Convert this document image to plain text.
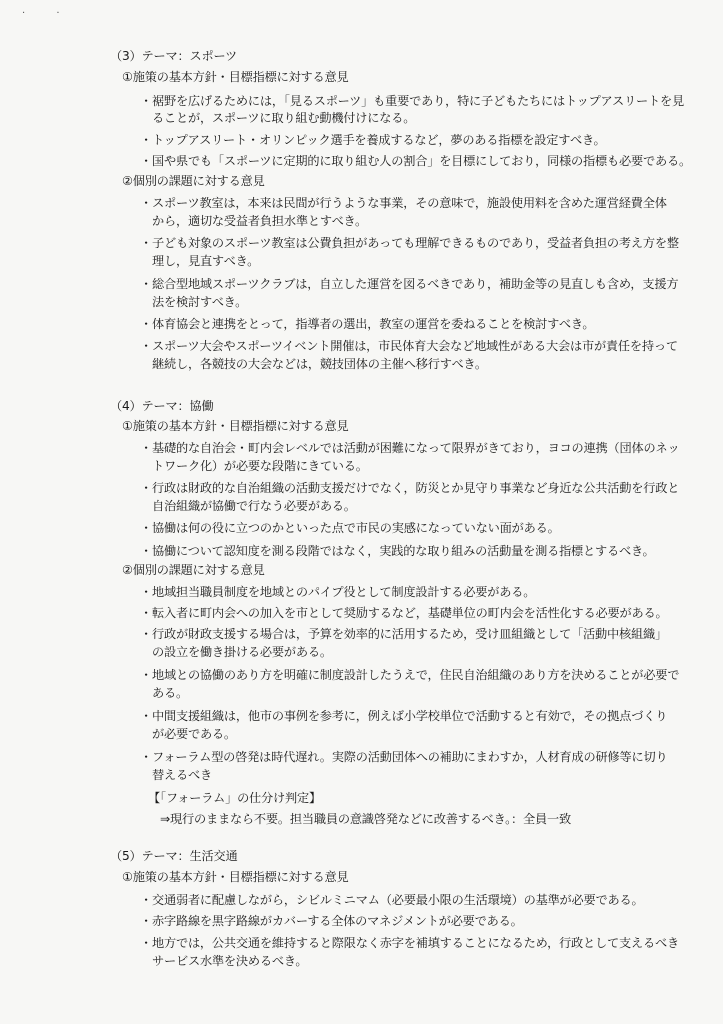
· ·
（3）テーマ：スポーツ
①施策の基本方針・目標指標に対する意見
・裾野を広げるためには，「見るスポーツ」も重要であり，特に子どもたちにはトップアスリートを見
ることが，スポーツに取り組む動機付けになる。
・トップアスリート・オリンピック選手を養成するなど，夢のある指標を設定すべき。
・国や県でも「スポーツに定期的に取り組む人の割合」を目標にしており，同様の指標も必要である。
②個別の課題に対する意見
・スポーツ教室は，本来は民間が行うような事業，その意味で，施設使用料を含めた運営経費全体
から，適切な受益者負担水準とすべき。
・子ども対象のスポーツ教室は公費負担があっても理解できるものであり，受益者負担の考え方を整
理し，見直すべき。
・総合型地域スポーツクラブは，自立した運営を図るべきであり，補助金等の見直しも含め，支援方
法を検討すべき。
・体育協会と連携をとって，指導者の選出，教室の運営を委ねることを検討すべき。
・スポーツ大会やスポーツイベント開催は，市民体育大会など地域性がある大会は市が責任を持って
継続し，各競技の大会などは，競技団体の主催へ移行すべき。
（4）テーマ：協働
①施策の基本方針・目標指標に対する意見
・基礎的な自治会・町内会レベルでは活動が困難になって限界がきており，ヨコの連携（団体のネッ
トワーク化）が必要な段階にきている。
・行政は財政的な自治組織の活動支援だけでなく，防災とか見守り事業など身近な公共活動を行政と
自治組織が協働で行なう必要がある。
・協働は何の役に立つのかといった点で市民の実感になっていない面がある。
・協働について認知度を測る段階ではなく，実践的な取り組みの活動量を測る指標とするべき。
②個別の課題に対する意見
・地域担当職員制度を地域とのパイプ役として制度設計する必要がある。
・転入者に町内会への加入を市として奨励するなど，基礎単位の町内会を活性化する必要がある。
・行政が財政支援する場合は，予算を効率的に活用するため，受け皿組織として「活動中核組織」
の設立を働き掛ける必要がある。
・地域との協働のあり方を明確に制度設計したうえで，住民自治組織のあり方を決めることが必要で
ある。
・中間支援組織は，他市の事例を参考に，例えば小学校単位で活動すると有効で，その拠点づくり
が必要である。
・フォーラム型の啓発は時代遅れ。実際の活動団体への補助にまわすか，人材育成の研修等に切り
替えるべき
【「フォーラム」の仕分け判定】
⇒現行のままなら不要。担当職員の意識啓発などに改善するべき。：全員一致
（5）テーマ：生活交通
①施策の基本方針・目標指標に対する意見
・交通弱者に配慮しながら，シビルミニマム（必要最小限の生活環境）の基準が必要である。
・赤字路線を黒字路線がカバーする全体のマネジメントが必要である。
・地方では，公共交通を維持すると際限なく赤字を補填することになるため，行政として支えるべき
サービス水準を決めるべき。
